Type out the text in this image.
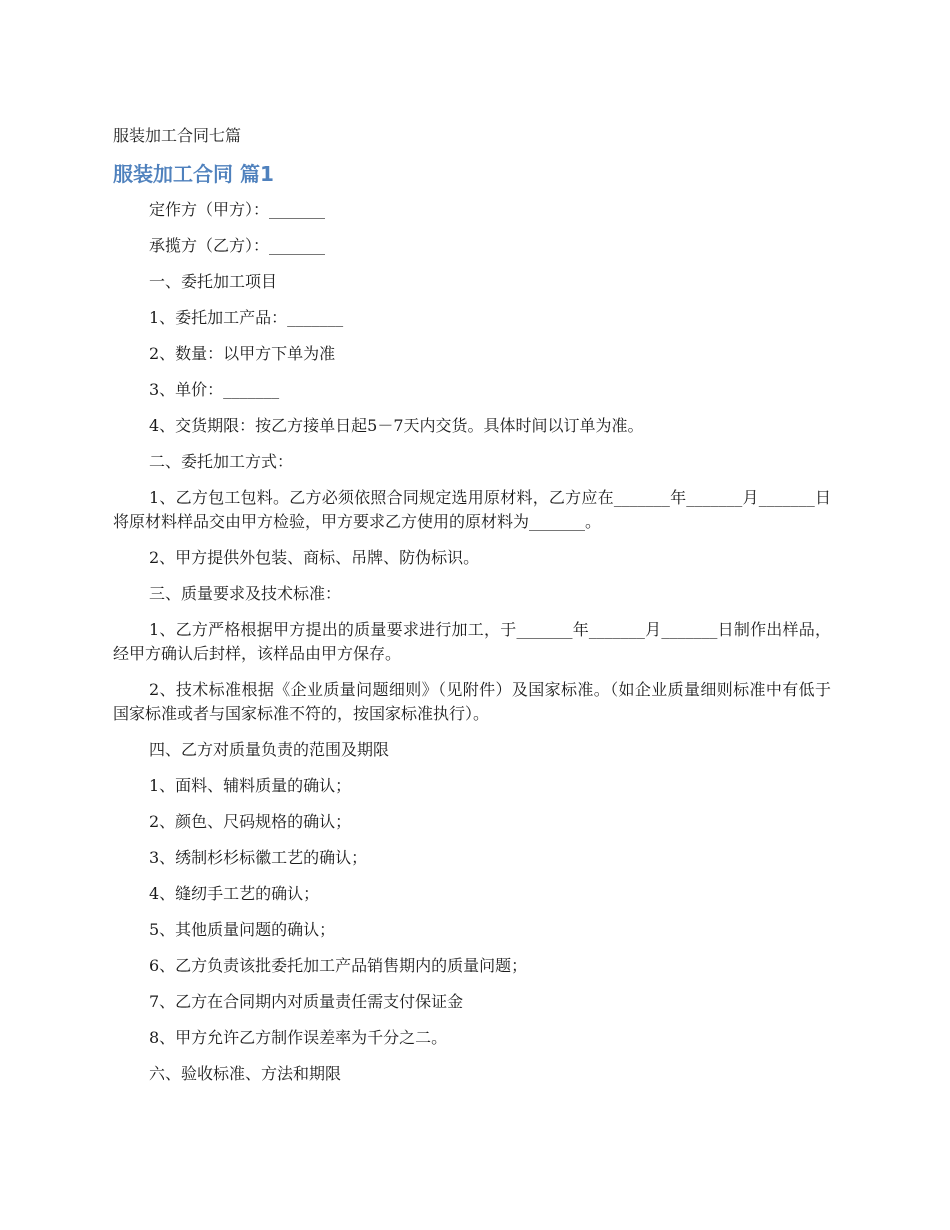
服装加工合同七篇
服装加工合同 篇1

定作方（甲方）：_______

承揽方（乙方）：_______

一、委托加工项目

1、委托加工产品：_______

2、数量：以甲方下单为准

3、单价：_______

4、交货期限：按乙方接单日起5－7天内交货。具体时间以订单为准。

二、委托加工方式：

1、乙方包工包料。乙方必须依照合同规定选用原材料，乙方应在_______年_______月_______日将原材料样品交由甲方检验，甲方要求乙方使用的原材料为_______。

2、甲方提供外包装、商标、吊牌、防伪标识。

三、质量要求及技术标准：

1、乙方严格根据甲方提出的质量要求进行加工，于_______年_______月_______日制作出样品，经甲方确认后封样，该样品由甲方保存。

2、技术标准根据《企业质量问题细则》（见附件）及国家标准。（如企业质量细则标准中有低于国家标准或者与国家标准不符的，按国家标准执行）。

四、乙方对质量负责的范围及期限

1、面料、辅料质量的确认；

2、颜色、尺码规格的确认；

3、绣制杉杉标徽工艺的确认；

4、缝纫手工艺的确认；

5、其他质量问题的确认；

6、乙方负责该批委托加工产品销售期内的质量问题；

7、乙方在合同期内对质量责任需支付保证金

8、甲方允许乙方制作误差率为千分之二。

六、验收标准、方法和期限
